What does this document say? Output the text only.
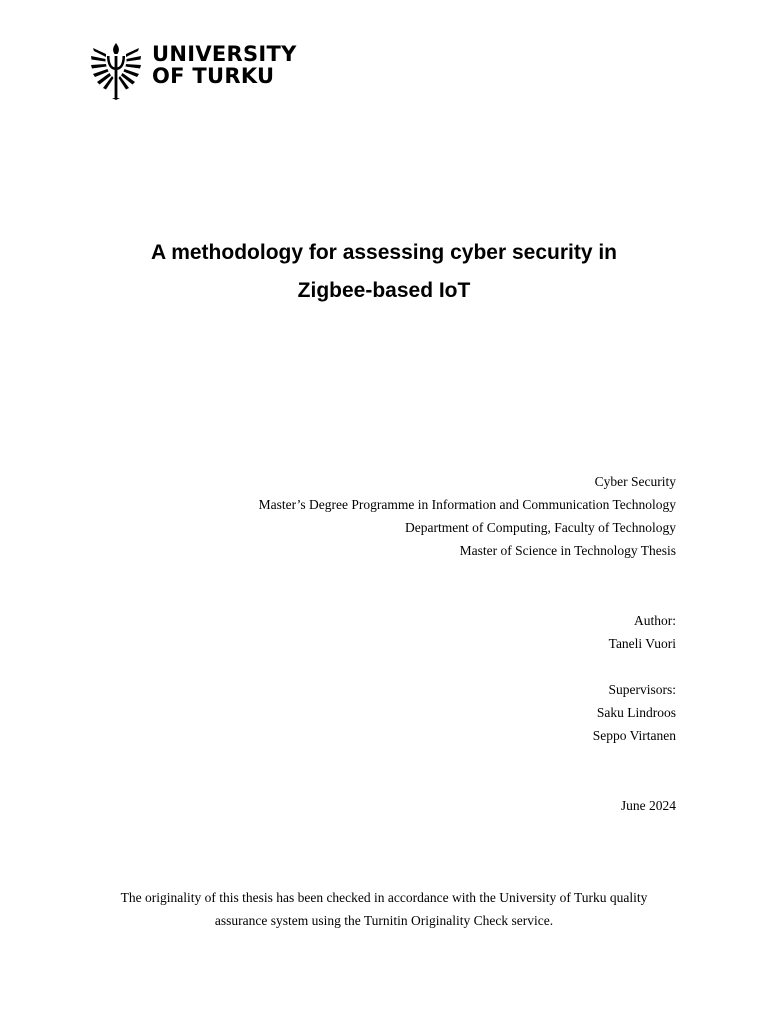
UNIVERSITY
OF TURKU
A methodology for assessing cyber security in
Zigbee-based IoT
Cyber Security
Master’s Degree Programme in Information and Communication Technology
Department of Computing, Faculty of Technology
Master of Science in Technology Thesis
Author:
Taneli Vuori
Supervisors:
Saku Lindroos
Seppo Virtanen
June 2024
The originality of this thesis has been checked in accordance with the University of Turku quality
assurance system using the Turnitin Originality Check service.
